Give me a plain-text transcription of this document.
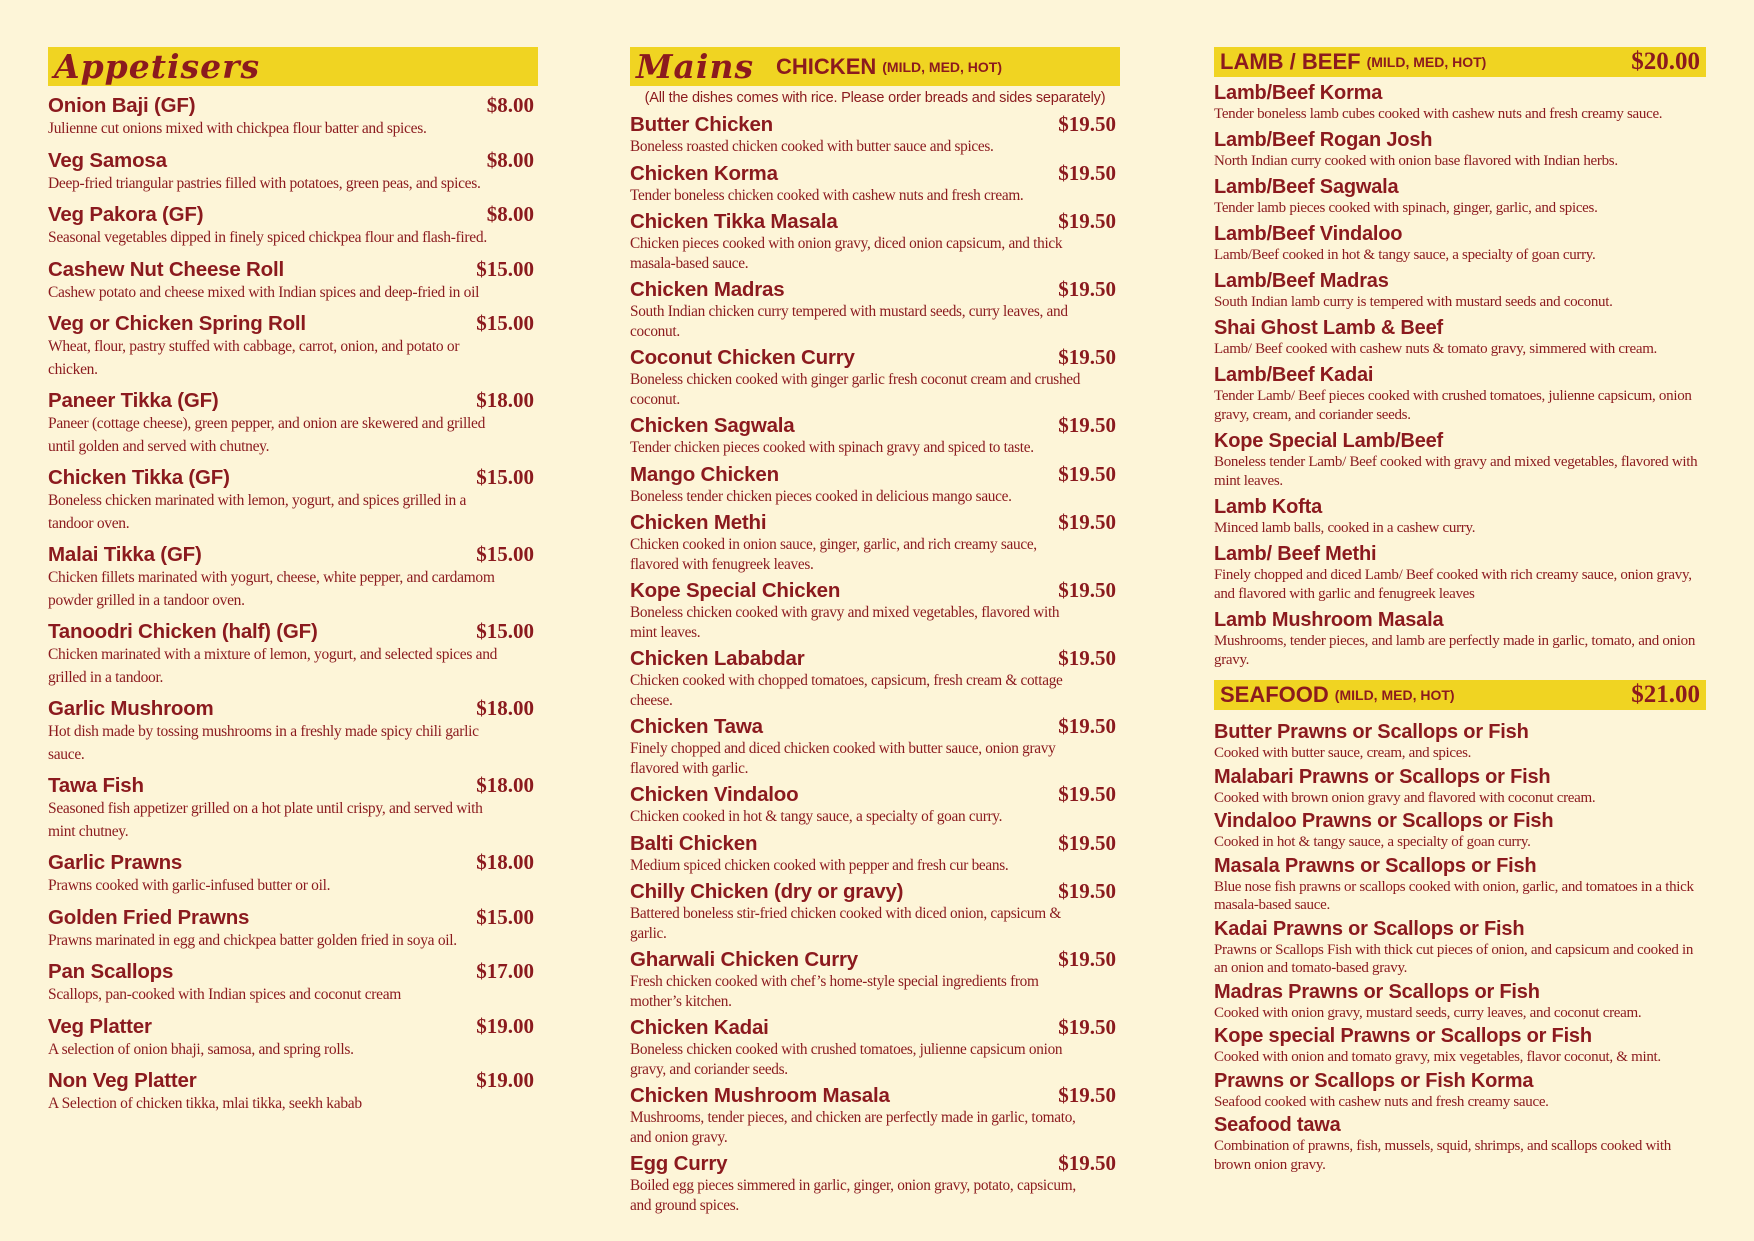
Appetisers
Onion Baji (GF)	$8.00
Julienne cut onions mixed with chickpea flour batter and spices.
Veg Samosa	$8.00
Deep-fried triangular pastries filled with potatoes, green peas, and spices.
Veg Pakora (GF)	$8.00
Seasonal vegetables dipped in finely spiced chickpea flour and flash-fired.
Cashew Nut Cheese Roll	$15.00
Cashew potato and cheese mixed with Indian spices and deep-fried in oil
Veg or Chicken Spring Roll	$15.00
Wheat, flour, pastry stuffed with cabbage, carrot, onion, and potato or chicken.
Paneer Tikka (GF)	$18.00
Paneer (cottage cheese), green pepper, and onion are skewered and grilled until golden and served with chutney.
Chicken Tikka (GF)	$15.00
Boneless chicken marinated with lemon, yogurt, and spices grilled in a tandoor oven.
Malai Tikka (GF)	$15.00
Chicken fillets marinated with yogurt, cheese, white pepper, and cardamom powder grilled in a tandoor oven.
Tanoodri Chicken (half) (GF)	$15.00
Chicken marinated with a mixture of lemon, yogurt, and selected spices and grilled in a tandoor.
Garlic Mushroom	$18.00
Hot dish made by tossing mushrooms in a freshly made spicy chili garlic sauce.
Tawa Fish	$18.00
Seasoned fish appetizer grilled on a hot plate until crispy, and served with mint chutney.
Garlic Prawns	$18.00
Prawns cooked with garlic-infused butter or oil.
Golden Fried Prawns	$15.00
Prawns marinated in egg and chickpea batter golden fried in soya oil.
Pan Scallops	$17.00
Scallops, pan-cooked with Indian spices and coconut cream
Veg Platter	$19.00
A selection of onion bhaji, samosa, and spring rolls.
Non Veg Platter	$19.00
A Selection of chicken tikka, mlai tikka, seekh kabab
Mains CHICKEN (MILD, MED, HOT)
(All the dishes comes with rice. Please order breads and sides separately)
Butter Chicken	$19.50
Boneless roasted chicken cooked with butter sauce and spices.
Chicken Korma	$19.50
Tender boneless chicken cooked with cashew nuts and fresh cream.
Chicken Tikka Masala	$19.50
Chicken pieces cooked with onion gravy, diced onion capsicum, and thick masala-based sauce.
Chicken Madras	$19.50
South Indian chicken curry tempered with mustard seeds, curry leaves, and coconut.
Coconut Chicken Curry	$19.50
Boneless chicken cooked with ginger garlic fresh coconut cream and crushed coconut.
Chicken Sagwala	$19.50
Tender chicken pieces cooked with spinach gravy and spiced to taste.
Mango Chicken	$19.50
Boneless tender chicken pieces cooked in delicious mango sauce.
Chicken Methi	$19.50
Chicken cooked in onion sauce, ginger, garlic, and rich creamy sauce, flavored with fenugreek leaves.
Kope Special Chicken	$19.50
Boneless chicken cooked with gravy and mixed vegetables, flavored with mint leaves.
Chicken Lababdar	$19.50
Chicken cooked with chopped tomatoes, capsicum, fresh cream & cottage cheese.
Chicken Tawa	$19.50
Finely chopped and diced chicken cooked with butter sauce, onion gravy flavored with garlic.
Chicken Vindaloo	$19.50
Chicken cooked in hot & tangy sauce, a specialty of goan curry.
Balti Chicken	$19.50
Medium spiced chicken cooked with pepper and fresh cur beans.
Chilly Chicken (dry or gravy)	$19.50
Battered boneless stir-fried chicken cooked with diced onion, capsicum & garlic.
Gharwali Chicken Curry	$19.50
Fresh chicken cooked with chef’s home-style special ingredients from mother’s kitchen.
Chicken Kadai	$19.50
Boneless chicken cooked with crushed tomatoes, julienne capsicum onion gravy, and coriander seeds.
Chicken Mushroom Masala	$19.50
Mushrooms, tender pieces, and chicken are perfectly made in garlic, tomato, and onion gravy.
Egg Curry	$19.50
Boiled egg pieces simmered in garlic, ginger, onion gravy, potato, capsicum, and ground spices.
LAMB / BEEF (MILD, MED, HOT)	$20.00
Lamb/Beef Korma
Tender boneless lamb cubes cooked with cashew nuts and fresh creamy sauce.
Lamb/Beef Rogan Josh
North Indian curry cooked with onion base flavored with Indian herbs.
Lamb/Beef Sagwala
Tender lamb pieces cooked with spinach, ginger, garlic, and spices.
Lamb/Beef Vindaloo
Lamb/Beef cooked in hot & tangy sauce, a specialty of goan curry.
Lamb/Beef Madras
South Indian lamb curry is tempered with mustard seeds and coconut.
Shai Ghost Lamb & Beef
Lamb/ Beef cooked with cashew nuts & tomato gravy, simmered with cream.
Lamb/Beef Kadai
Tender Lamb/ Beef pieces cooked with crushed tomatoes, julienne capsicum, onion gravy, cream, and coriander seeds.
Kope Special Lamb/Beef
Boneless tender Lamb/ Beef cooked with gravy and mixed vegetables, flavored with mint leaves.
Lamb Kofta
Minced lamb balls, cooked in a cashew curry.
Lamb/ Beef Methi
Finely chopped and diced Lamb/ Beef cooked with rich creamy sauce, onion gravy, and flavored with garlic and fenugreek leaves
Lamb Mushroom Masala
Mushrooms, tender pieces, and lamb are perfectly made in garlic, tomato, and onion gravy.
SEAFOOD (MILD, MED, HOT)	$21.00
Butter Prawns or Scallops or Fish
Cooked with butter sauce, cream, and spices.
Malabari Prawns or Scallops or Fish
Cooked with brown onion gravy and flavored with coconut cream.
Vindaloo Prawns or Scallops or Fish
Cooked in hot & tangy sauce, a specialty of goan curry.
Masala Prawns or Scallops or Fish
Blue nose fish prawns or scallops cooked with onion, garlic, and tomatoes in a thick masala-based sauce.
Kadai Prawns or Scallops or Fish
Prawns or Scallops Fish with thick cut pieces of onion, and capsicum and cooked in an onion and tomato-based gravy.
Madras Prawns or Scallops or Fish
Cooked with onion gravy, mustard seeds, curry leaves, and coconut cream.
Kope special Prawns or Scallops or Fish
Cooked with onion and tomato gravy, mix vegetables, flavor coconut, & mint.
Prawns or Scallops or Fish Korma
Seafood cooked with cashew nuts and fresh creamy sauce.
Seafood tawa
Combination of prawns, fish, mussels, squid, shrimps, and scallops cooked with brown onion gravy.
